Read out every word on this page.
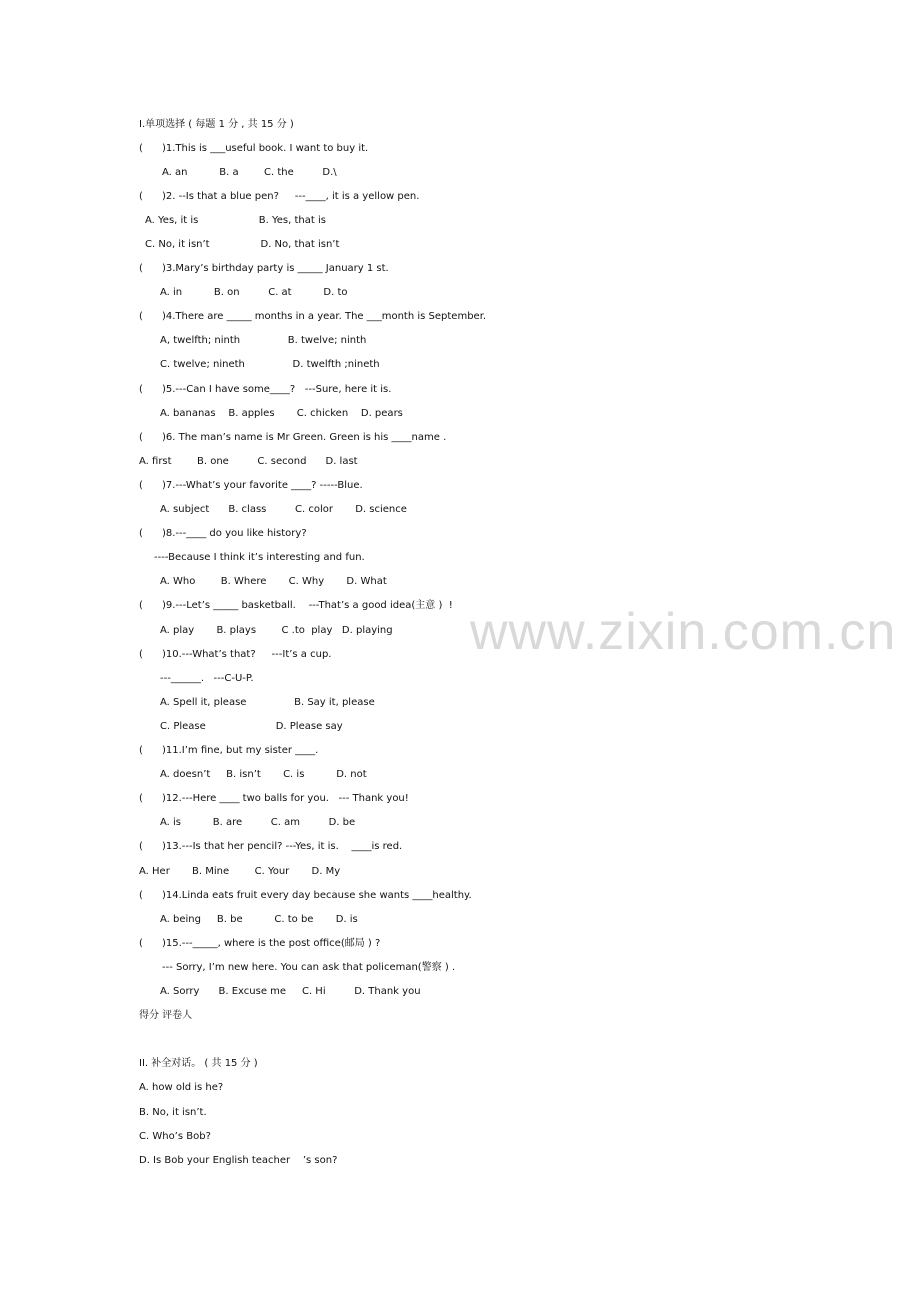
I.单项选择 ( 每题 1 分 , 共 15 分 )
(      )1.This is ___useful book. I want to buy it.
A. an          B. a        C. the         D.\
(      )2. --Is that a blue pen?     ---____, it is a yellow pen.
A. Yes, it is                   B. Yes, that is
C. No, it isn’t                D. No, that isn’t
(      )3.Mary’s birthday party is _____ January 1 st.
A. in          B. on         C. at          D. to
(      )4.There are _____ months in a year. The ___month is September.
A, twelfth; ninth               B. twelve; ninth
C. twelve; nineth               D. twelfth ;nineth
(      )5.---Can I have some____?   ---Sure, here it is.
A. bananas    B. apples       C. chicken    D. pears
(      )6. The man’s name is Mr Green. Green is his ____name .
A. first        B. one         C. second      D. last
(      )7.---What’s your favorite ____? -----Blue.
A. subject      B. class         C. color       D. science
(      )8.---____ do you like history?
----Because I think it’s interesting and fun.
A. Who        B. Where       C. Why       D. What
(      )9.---Let’s _____ basketball.    ---That’s a good idea(主意 )  !
A. play       B. plays        C .to  play   D. playing
(      )10.---What’s that?     ---It’s a cup.
---______.   ---C-U-P.
A. Spell it, please               B. Say it, please
C. Please                      D. Please say
(      )11.I’m fine, but my sister ____.
A. doesn’t     B. isn’t       C. is          D. not
(      )12.---Here ____ two balls for you.   --- Thank you!
A. is          B. are         C. am         D. be
(      )13.---Is that her pencil? ---Yes, it is.    ____is red.
A. Her       B. Mine        C. Your       D. My
(      )14.Linda eats fruit every day because she wants ____healthy.
A. being     B. be          C. to be       D. is
(      )15.---_____, where is the post office(邮局 ) ?
--- Sorry, I’m new here. You can ask that policeman(警察 ) .
A. Sorry      B. Excuse me     C. Hi         D. Thank you
得分 评卷人
II. 补全对话。 ( 共 15 分 )
A. how old is he?
B. No, it isn’t.
C. Who’s Bob?
D. Is Bob your English teacher    ’s son?
www.zixin.com.cn
